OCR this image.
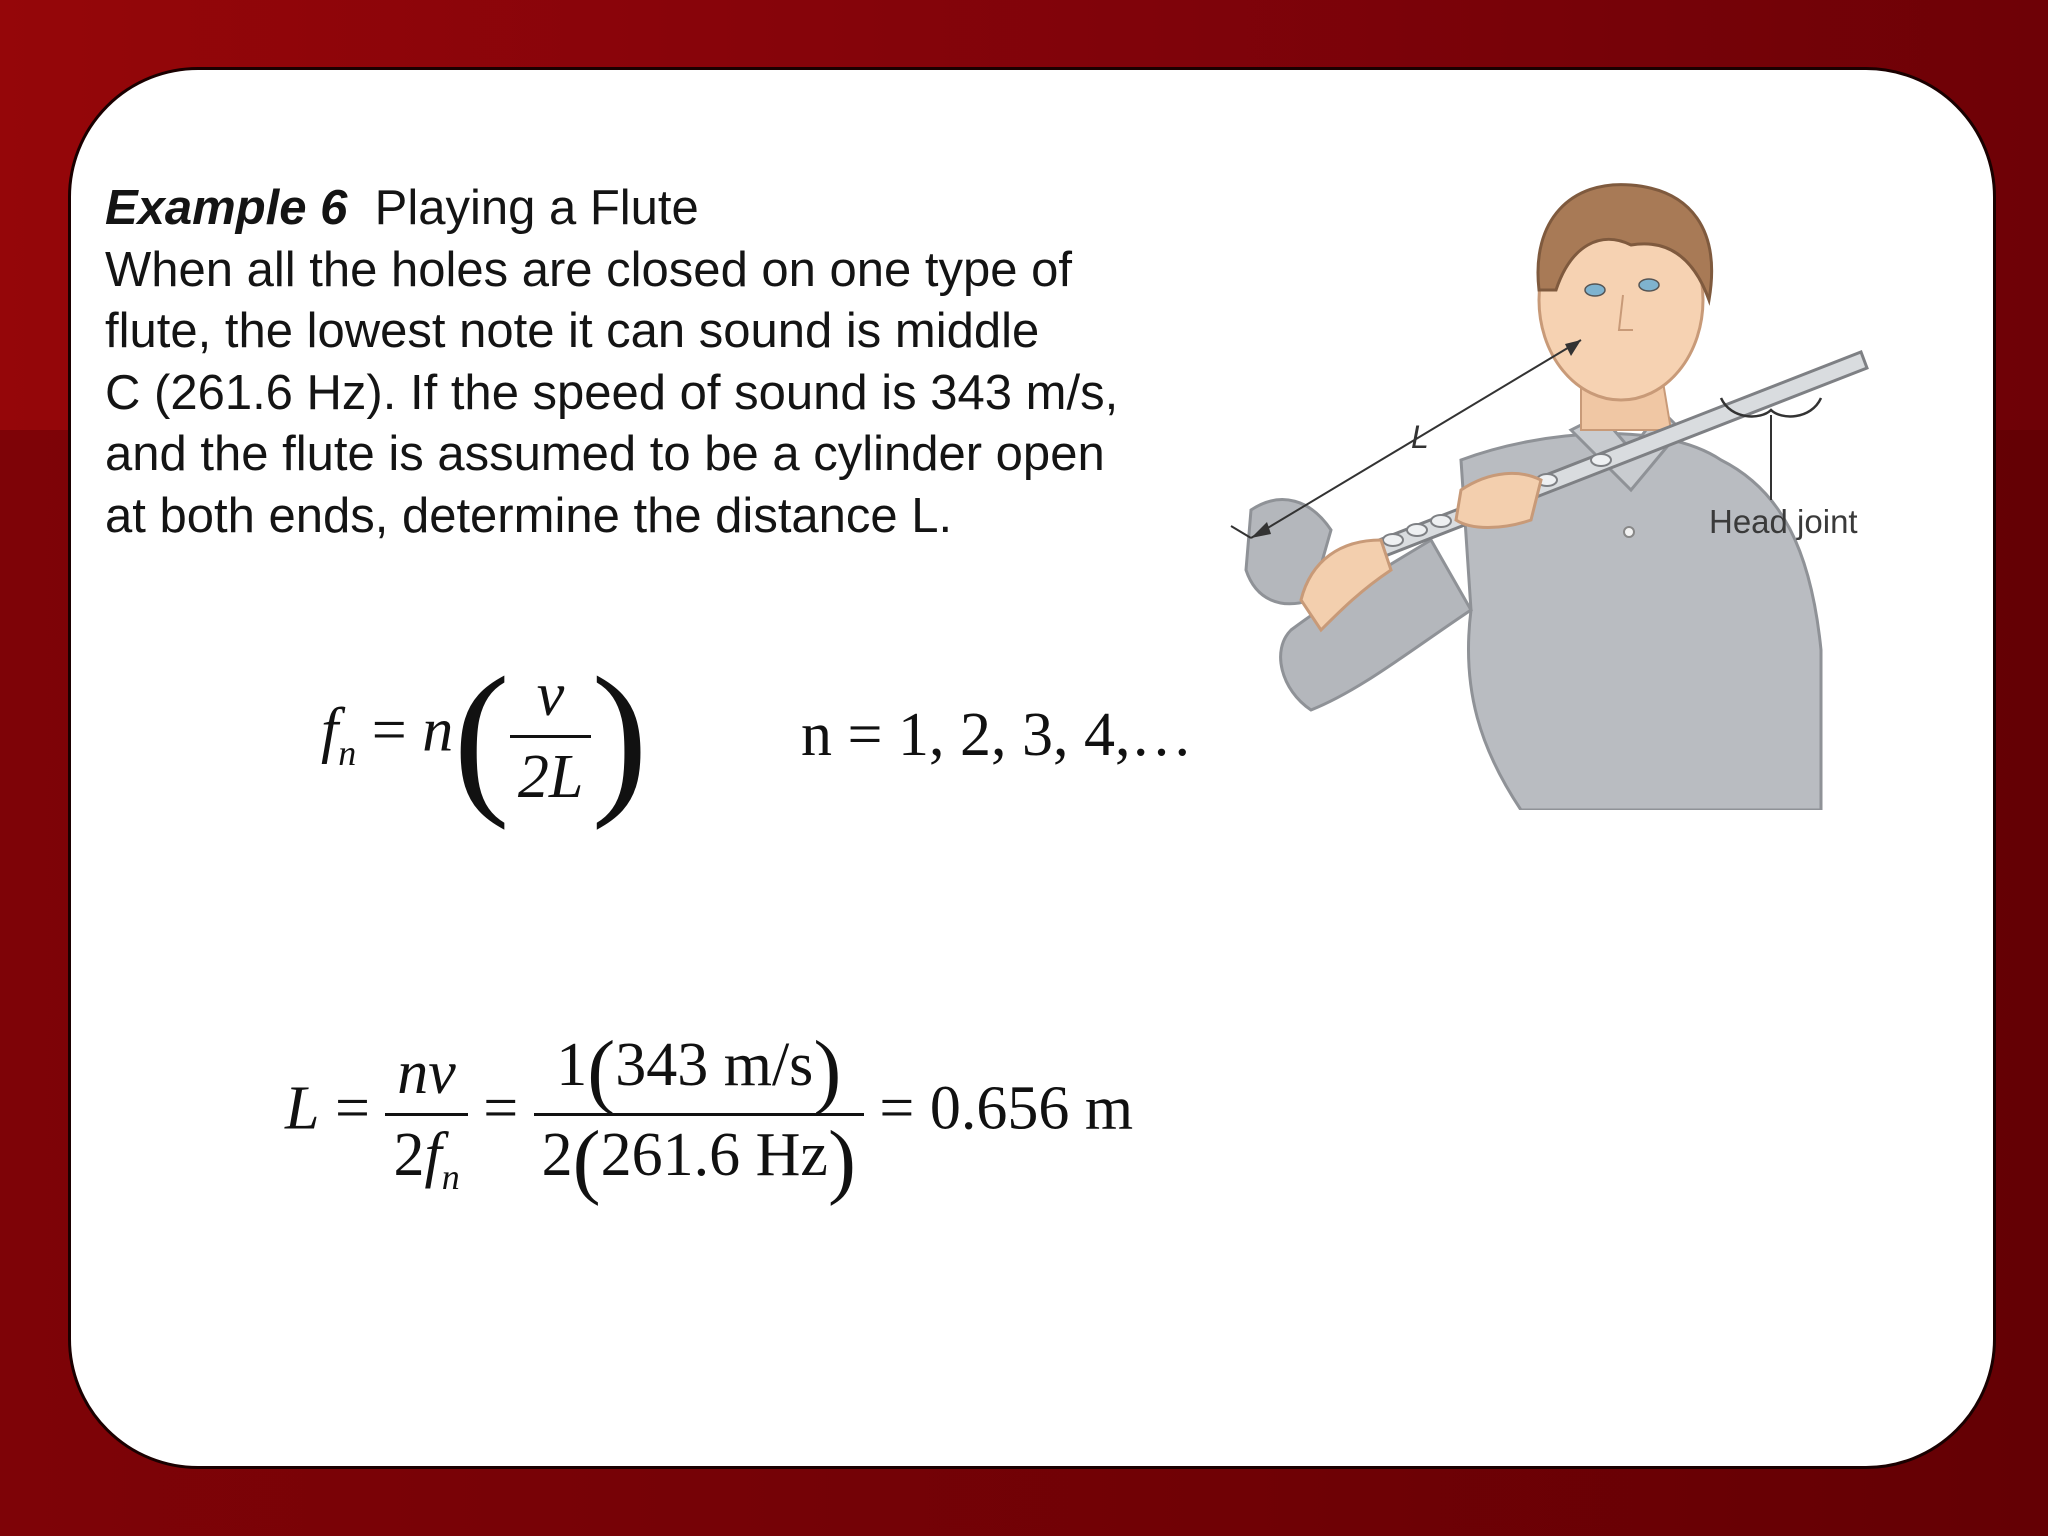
Example 6 Playing a Flute
When all the holes are closed on one type of
flute, the lowest note it can sound is middle
C (261.6 Hz). If the speed of sound is 343 m/s,
and the flute is assumed to be a cylinder open
at both ends, determine the distance L.
L
Head joint
$f_n = n( \frac{v}{2L}$ ) n = 1, 2, 3, 4,…
$L = \frac{nv}{2f_n} = \frac{1(343 m/s)}{2(261.6 Hz)} = 0.656$ m
